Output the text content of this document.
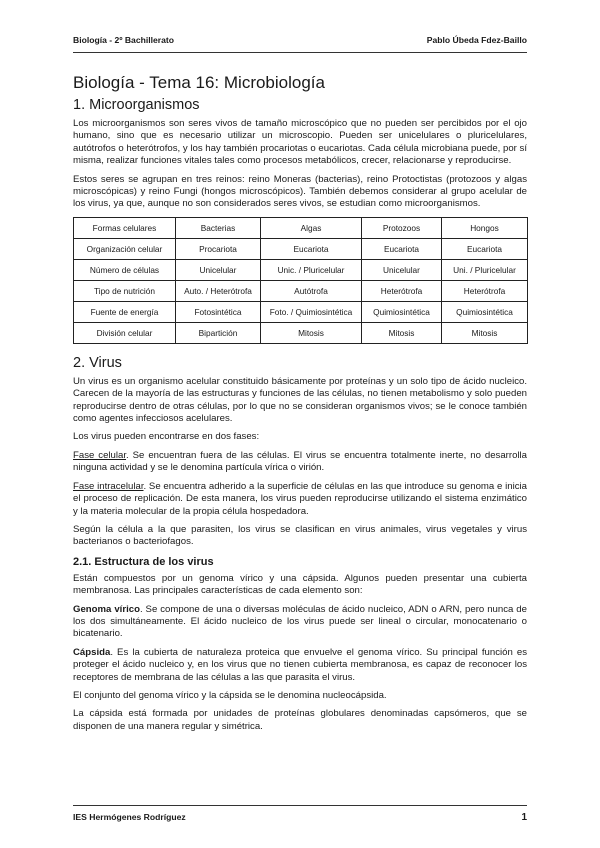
Biología - 2º Bachillerato	Pablo Úbeda Fdez-Baillo
Biología - Tema 16: Microbiología
1. Microorganismos

Los microorganismos son seres vivos de tamaño microscópico que no pueden ser percibidos por el ojo humano, sino que es necesario utilizar un microscopio. Pueden ser unicelulares o pluricelulares, autótrofos o heterótrofos, y los hay también procariotas o eucariotas. Cada célula microbiana puede, por sí misma, realizar funciones vitales tales como procesos metabólicos, crecer, relacionarse y reproducirse.

Estos seres se agrupan en tres reinos: reino Moneras (bacterias), reino Protoctistas (protozoos y algas microscópicas) y reino Fungi (hongos microscópicos). También debemos considerar al grupo acelular de los virus, ya que, aunque no son considerados seres vivos, se estudian como microorganismos.

Formas celulares	Bacterias	Algas	Protozoos	Hongos
Organización celular	Procariota	Eucariota	Eucariota	Eucariota
Número de células	Unicelular	Unic. / Pluricelular	Unicelular	Uni. / Pluricelular
Tipo de nutrición	Auto. / Heterótrofa	Autótrofa	Heterótrofa	Heterótrofa
Fuente de energía	Fotosintética	Foto. / Quimiosintética	Quimiosintética	Quimiosintética
División celular	Bipartición	Mitosis	Mitosis	Mitosis
2. Virus

Un virus es un organismo acelular constituido básicamente por proteínas y un solo tipo de ácido nucleico. Carecen de la mayoría de las estructuras y funciones de las células, no tienen metabolismo y solo pueden reproducirse dentro de otras células, por lo que no se consideran organismos vivos; se le conoce también como agentes infecciosos acelulares.

Los virus pueden encontrarse en dos fases:

Fase celular. Se encuentran fuera de las células. El virus se encuentra totalmente inerte, no desarrolla ninguna actividad y se le denomina partícula vírica o virión.

Fase intracelular. Se encuentra adherido a la superficie de células en las que introduce su genoma e inicia el proceso de replicación. De esta manera, los virus pueden reproducirse utilizando el sistema enzimático y la materia molecular de la propia célula hospedadora.

Según la célula a la que parasiten, los virus se clasifican en virus animales, virus vegetales y virus bacterianos o bacteriofagos.

2.1. Estructura de los virus

Están compuestos por un genoma vírico y una cápsida. Algunos pueden presentar una cubierta membranosa. Las principales características de cada elemento son:

Genoma vírico. Se compone de una o diversas moléculas de ácido nucleico, ADN o ARN, pero nunca de los dos simultáneamente. El ácido nucleico de los virus puede ser lineal o circular, monocatenario o bicatenario.

Cápsida. Es la cubierta de naturaleza proteica que envuelve el genoma vírico. Su principal función es proteger el ácido nucleico y, en los virus que no tienen cubierta membranosa, es capaz de reconocer los receptores de membrana de las células a las que parasita el virus.

El conjunto del genoma vírico y la cápsida se le denomina nucleocápsida.

La cápsida está formada por unidades de proteínas globulares denominadas capsómeros, que se disponen de una manera regular y simétrica.

IES Hermógenes Rodríguez	1
